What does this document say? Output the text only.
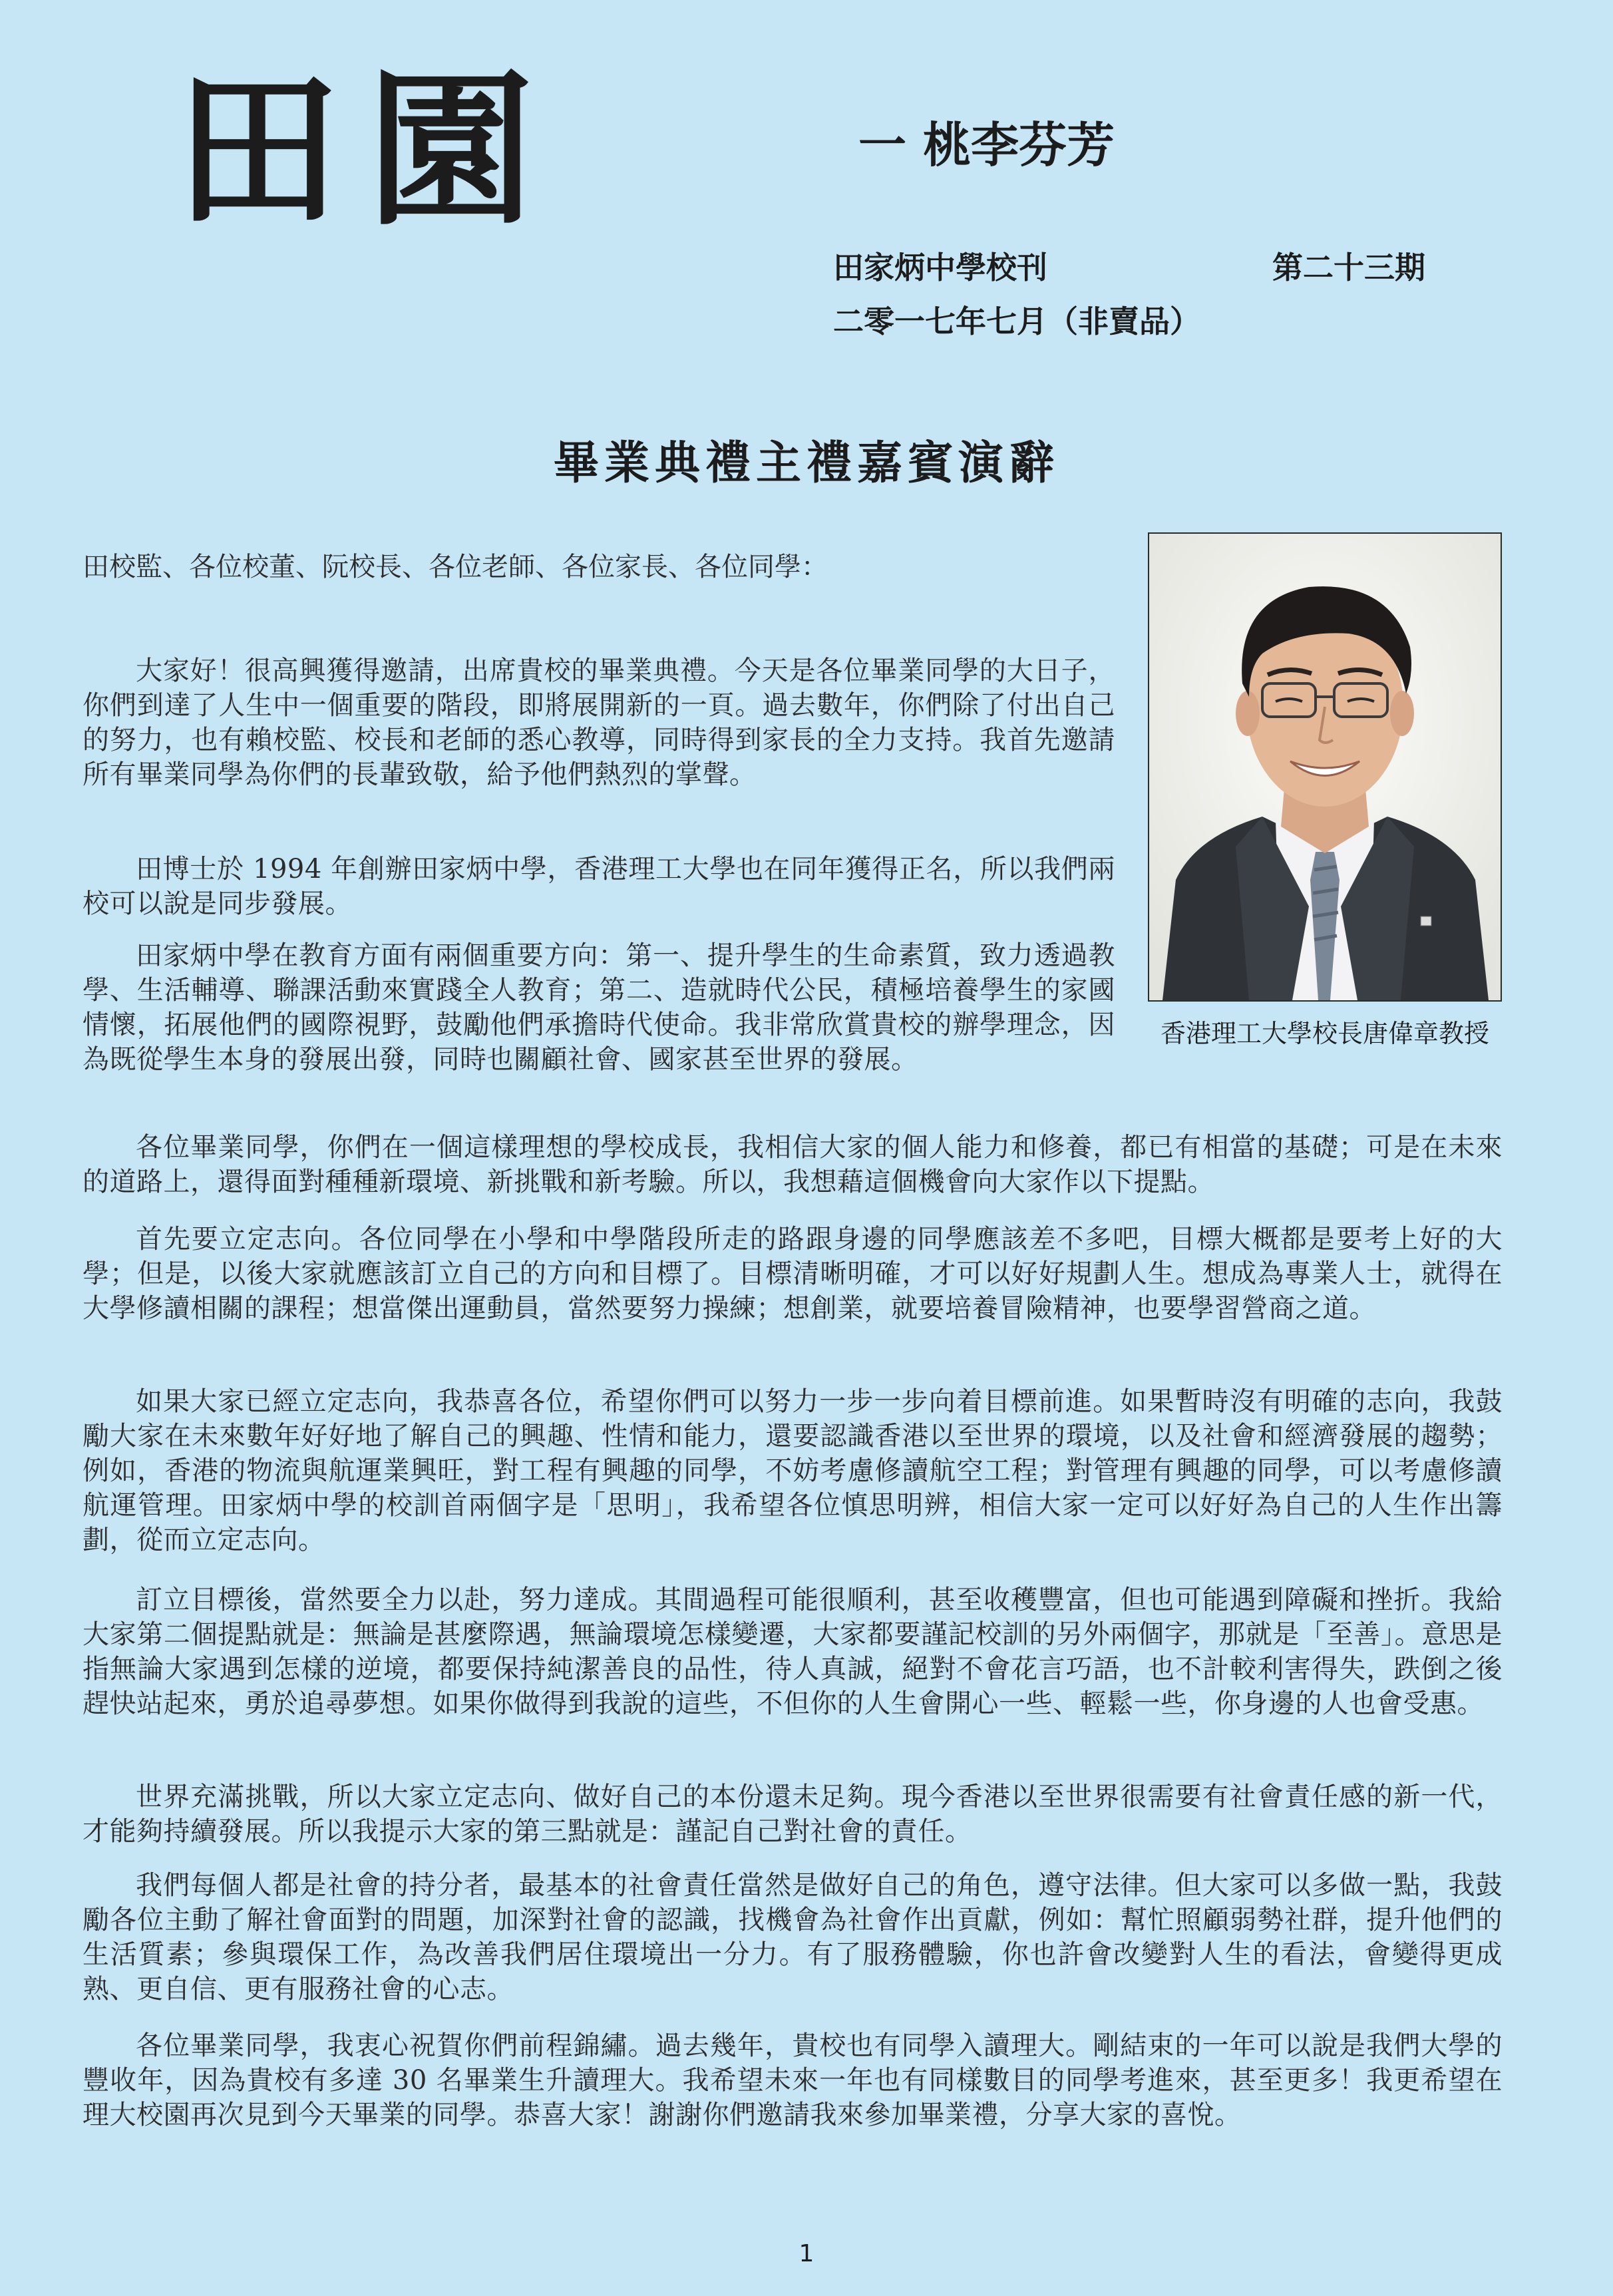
田園	一 桃李芬芳
田家炳中學校刊	第二十三期
二零一七年七月（非賣品）
畢業典禮主禮嘉賓演辭
田校監、各位校董、阮校長、各位老師、各位家長、各位同學：
香港理工大學校長唐偉章教授

大家好！很高興獲得邀請，出席貴校的畢業典禮。今天是各位畢業同學的大日子，你們到達了人生中一個重要的階段，即將展開新的一頁。過去數年，你們除了付出自己的努力，也有賴校監、校長和老師的悉心教導，同時得到家長的全力支持。我首先邀請所有畢業同學為你們的長輩致敬，給予他們熱烈的掌聲。

田博士於 1994 年創辦田家炳中學，香港理工大學也在同年獲得正名，所以我們兩校可以說是同步發展。

田家炳中學在教育方面有兩個重要方向：第一、提升學生的生命素質，致力透過教學、生活輔導、聯課活動來實踐全人教育；第二、造就時代公民，積極培養學生的家國情懷，拓展他們的國際視野，鼓勵他們承擔時代使命。我非常欣賞貴校的辦學理念，因為既從學生本身的發展出發，同時也關顧社會、國家甚至世界的發展。

各位畢業同學，你們在一個這樣理想的學校成長，我相信大家的個人能力和修養，都已有相當的基礎；可是在未來的道路上，還得面對種種新環境、新挑戰和新考驗。所以，我想藉這個機會向大家作以下提點。

首先要立定志向。各位同學在小學和中學階段所走的路跟身邊的同學應該差不多吧，目標大概都是要考上好的大學；但是，以後大家就應該訂立自己的方向和目標了。目標清晰明確，才可以好好規劃人生。想成為專業人士，就得在大學修讀相關的課程；想當傑出運動員，當然要努力操練；想創業，就要培養冒險精神，也要學習營商之道。

如果大家已經立定志向，我恭喜各位，希望你們可以努力一步一步向着目標前進。如果暫時沒有明確的志向，我鼓勵大家在未來數年好好地了解自己的興趣、性情和能力，還要認識香港以至世界的環境，以及社會和經濟發展的趨勢；例如，香港的物流與航運業興旺，對工程有興趣的同學，不妨考慮修讀航空工程；對管理有興趣的同學，可以考慮修讀航運管理。田家炳中學的校訓首兩個字是「思明」，我希望各位慎思明辨，相信大家一定可以好好為自己的人生作出籌劃，從而立定志向。

訂立目標後，當然要全力以赴，努力達成。其間過程可能很順利，甚至收穫豐富，但也可能遇到障礙和挫折。我給大家第二個提點就是：無論是甚麼際遇，無論環境怎樣變遷，大家都要謹記校訓的另外兩個字，那就是「至善」。意思是指無論大家遇到怎樣的逆境，都要保持純潔善良的品性，待人真誠，絕對不會花言巧語，也不計較利害得失，跌倒之後趕快站起來，勇於追尋夢想。如果你做得到我說的這些，不但你的人生會開心一些、輕鬆一些，你身邊的人也會受惠。

世界充滿挑戰，所以大家立定志向、做好自己的本份還未足夠。現今香港以至世界很需要有社會責任感的新一代，才能夠持續發展。所以我提示大家的第三點就是：謹記自己對社會的責任。

我們每個人都是社會的持分者，最基本的社會責任當然是做好自己的角色，遵守法律。但大家可以多做一點，我鼓勵各位主動了解社會面對的問題，加深對社會的認識，找機會為社會作出貢獻，例如：幫忙照顧弱勢社群，提升他們的生活質素；參與環保工作，為改善我們居住環境出一分力。有了服務體驗，你也許會改變對人生的看法，會變得更成熟、更自信、更有服務社會的心志。

各位畢業同學，我衷心祝賀你們前程錦繡。過去幾年，貴校也有同學入讀理大。剛結束的一年可以說是我們大學的豐收年，因為貴校有多達 30 名畢業生升讀理大。我希望未來一年也有同樣數目的同學考進來，甚至更多！我更希望在理大校園再次見到今天畢業的同學。恭喜大家！謝謝你們邀請我來參加畢業禮，分享大家的喜悅。

1
